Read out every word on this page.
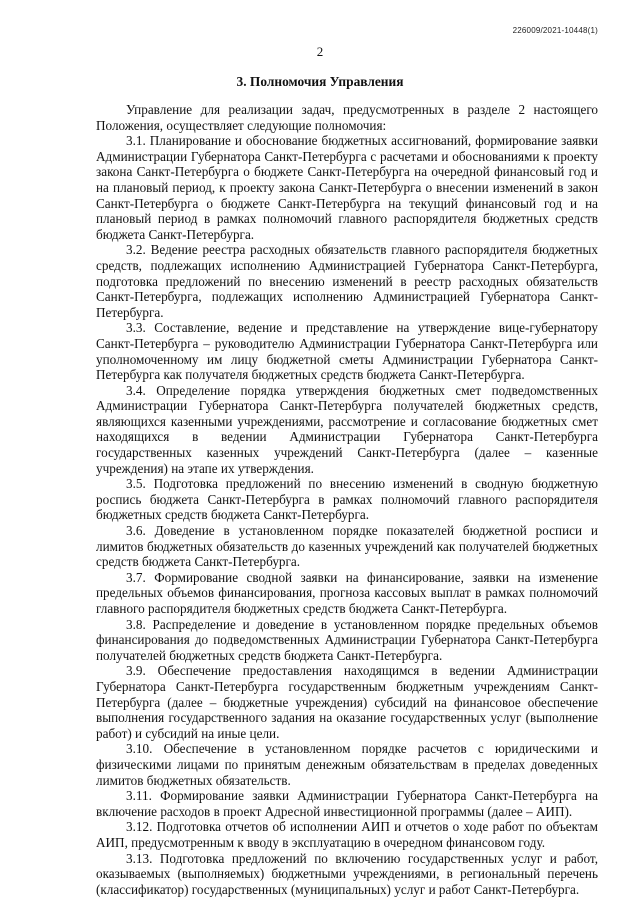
226009/2021-10448(1)
2
3. Полномочия Управления

Управление для реализации задач, предусмотренных в разделе 2 настоящего Положения, осуществляет следующие полномочия:

3.1. Планирование и обоснование бюджетных ассигнований, формирование заявки Администрации Губернатора Санкт-Петербурга с расчетами и обоснованиями к проекту закона Санкт-Петербурга о бюджете Санкт-Петербурга на очередной финансовый год и на плановый период, к проекту закона Санкт-Петербурга о внесении изменений в закон Санкт-Петербурга о бюджете Санкт-Петербурга на текущий финансовый год и на плановый период в рамках полномочий главного распорядителя бюджетных средств бюджета Санкт-Петербурга.

3.2. Ведение реестра расходных обязательств главного распорядителя бюджетных средств, подлежащих исполнению Администрацией Губернатора Санкт-Петербурга, подготовка предложений по внесению изменений в реестр расходных обязательств Санкт-Петербурга, подлежащих исполнению Администрацией Губернатора Санкт-Петербурга.

3.3. Составление, ведение и представление на утверждение вице-губернатору Санкт-Петербурга – руководителю Администрации Губернатора Санкт-Петербурга или уполномоченному им лицу бюджетной сметы Администрации Губернатора Санкт-Петербурга как получателя бюджетных средств бюджета Санкт-Петербурга.

3.4. Определение порядка утверждения бюджетных смет подведомственных Администрации Губернатора Санкт-Петербурга получателей бюджетных средств, являющихся казенными учреждениями, рассмотрение и согласование бюджетных смет находящихся в ведении Администрации Губернатора Санкт-Петербурга государственных казенных учреждений Санкт-Петербурга (далее – казенные учреждения) на этапе их утверждения.

3.5. Подготовка предложений по внесению изменений в сводную бюджетную роспись бюджета Санкт-Петербурга в рамках полномочий главного распорядителя бюджетных средств бюджета Санкт-Петербурга.

3.6. Доведение в установленном порядке показателей бюджетной росписи и лимитов бюджетных обязательств до казенных учреждений как получателей бюджетных средств бюджета Санкт-Петербурга.

3.7. Формирование сводной заявки на финансирование, заявки на изменение предельных объемов финансирования, прогноза кассовых выплат в рамках полномочий главного распорядителя бюджетных средств бюджета Санкт-Петербурга.

3.8. Распределение и доведение в установленном порядке предельных объемов финансирования до подведомственных Администрации Губернатора Санкт-Петербурга получателей бюджетных средств бюджета Санкт-Петербурга.

3.9. Обеспечение предоставления находящимся в ведении Администрации Губернатора Санкт-Петербурга государственным бюджетным учреждениям Санкт-Петербурга (далее – бюджетные учреждения) субсидий на финансовое обеспечение выполнения государственного задания на оказание государственных услуг (выполнение работ) и субсидий на иные цели.

3.10. Обеспечение в установленном порядке расчетов с юридическими и физическими лицами по принятым денежным обязательствам в пределах доведенных лимитов бюджетных обязательств.

3.11. Формирование заявки Администрации Губернатора Санкт-Петербурга на включение расходов в проект Адресной инвестиционной программы (далее – АИП).

3.12. Подготовка отчетов об исполнении АИП и отчетов о ходе работ по объектам АИП, предусмотренным к вводу в эксплуатацию в очередном финансовом году.

3.13. Подготовка предложений по включению государственных услуг и работ, оказываемых (выполняемых) бюджетными учреждениями, в региональный перечень (классификатор) государственных (муниципальных) услуг и работ Санкт-Петербурга.
